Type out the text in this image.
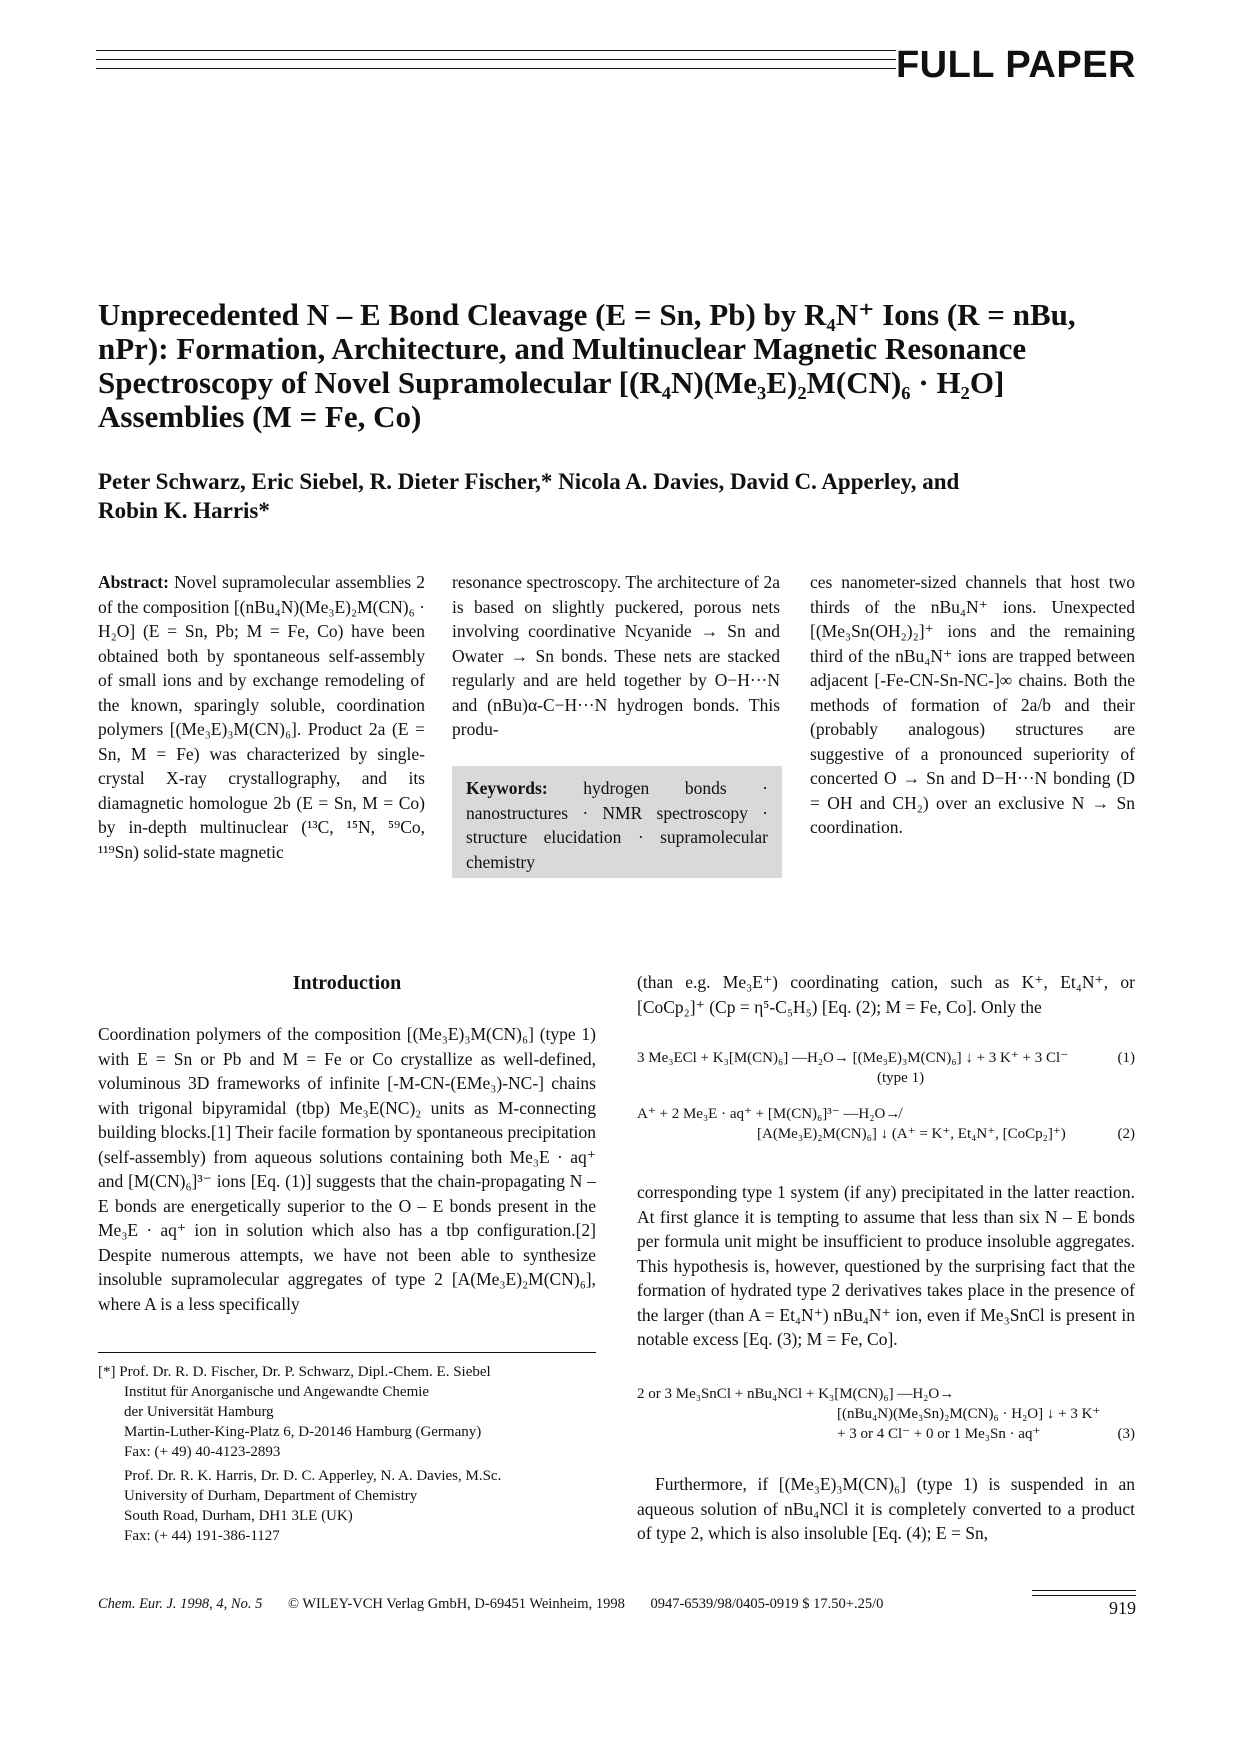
FULL PAPER
Unprecedented N – E Bond Cleavage (E = Sn, Pb) by R₄N⁺ Ions (R = nBu, nPr): Formation, Architecture, and Multinuclear Magnetic Resonance Spectroscopy of Novel Supramolecular [(R₄N)(Me₃E)₂M(CN)₆ · H₂O] Assemblies (M = Fe, Co)
Peter Schwarz, Eric Siebel, R. Dieter Fischer,* Nicola A. Davies, David C. Apperley, and Robin K. Harris*
Abstract: Novel supramolecular assemblies 2 of the composition [(nBu₄N)(Me₃E)₂M(CN)₆ · H₂O] (E = Sn, Pb; M = Fe, Co) have been obtained both by spontaneous self-assembly of small ions and by exchange remodeling of the known, sparingly soluble, coordination polymers [(Me₃E)₃M(CN)₆]. Product 2a (E = Sn, M = Fe) was characterized by single-crystal X-ray crystallography, and its diamagnetic homologue 2b (E = Sn, M = Co) by in-depth multinuclear (¹³C, ¹⁵N, ⁵⁹Co, ¹¹⁹Sn) solid-state magnetic
resonance spectroscopy. The architecture of 2a is based on slightly puckered, porous nets involving coordinative Ncyanide → Sn and Owater → Sn bonds. These nets are stacked regularly and are held together by O−H···N and (nBu)α-C−H···N hydrogen bonds. This produ-
Keywords: hydrogen bonds · nanostructures · NMR spectroscopy · structure elucidation · supramolecular chemistry
ces nanometer-sized channels that host two thirds of the nBu₄N⁺ ions. Unexpected [(Me₃Sn(OH₂)₂]⁺ ions and the remaining third of the nBu₄N⁺ ions are trapped between adjacent [-Fe-CN-Sn-NC-]∞ chains. Both the methods of formation of 2a/b and their (probably analogous) structures are suggestive of a pronounced superiority of concerted O → Sn and D−H···N bonding (D = OH and CH₂) over an exclusive N → Sn coordination.
Introduction
Coordination polymers of the composition [(Me₃E)₃M(CN)₆] (type 1) with E = Sn or Pb and M = Fe or Co crystallize as well-defined, voluminous 3D frameworks of infinite [-M-CN-(EMe₃)-NC-] chains with trigonal bipyramidal (tbp) Me₃E(NC)₂ units as M-connecting building blocks.[1] Their facile formation by spontaneous precipitation (self-assembly) from aqueous solutions containing both Me₃E · aq⁺ and [M(CN)₆]³⁻ ions [Eq. (1)] suggests that the chain-propagating N – E bonds are energetically superior to the O – E bonds present in the Me₃E · aq⁺ ion in solution which also has a tbp configuration.[2] Despite numerous attempts, we have not been able to synthesize insoluble supramolecular aggregates of type 2 [A(Me₃E)₂M(CN)₆], where A is a less specifically
(than e.g. Me₃E⁺) coordinating cation, such as K⁺, Et₄N⁺, or [CoCp₂]⁺ (Cp = η⁵-C₅H₅) [Eq. (2); M = Fe, Co]. Only the
3 Me₃ECl + K₃[M(CN)₆] —H₂O→ [(Me₃E)₃M(CN)₆] ↓ + 3 K⁺ + 3 Cl⁻
(type 1)
(1)
A⁺ + 2 Me₃E · aq⁺ + [M(CN)₆]³⁻ —H₂O↛
[A(Me₃E)₂M(CN)₆] ↓ (A⁺ = K⁺, Et₄N⁺, [CoCp₂]⁺)	(2)
corresponding type 1 system (if any) precipitated in the latter reaction. At first glance it is tempting to assume that less than six N – E bonds per formula unit might be insufficient to produce insoluble aggregates. This hypothesis is, however, questioned by the surprising fact that the formation of hydrated type 2 derivatives takes place in the presence of the larger (than A = Et₄N⁺) nBu₄N⁺ ion, even if Me₃SnCl is present in notable excess [Eq. (3); M = Fe, Co].
2 or 3 Me₃SnCl + nBu₄NCl + K₃[M(CN)₆] —H₂O→
[(nBu₄N)(Me₃Sn)₂M(CN)₆ · H₂O] ↓ + 3 K⁺
+ 3 or 4 Cl⁻ + 0 or 1 Me₃Sn · aq⁺	(3)
Furthermore, if [(Me₃E)₃M(CN)₆] (type 1) is suspended in an aqueous solution of nBu₄NCl it is completely converted to a product of type 2, which is also insoluble [Eq. (4); E = Sn,
[*] Prof. Dr. R. D. Fischer, Dr. P. Schwarz, Dipl.-Chem. E. Siebel
Institut für Anorganische und Angewandte Chemie
der Universität Hamburg
Martin-Luther-King-Platz 6, D-20146 Hamburg (Germany)
Fax: (+ 49) 40-4123-2893
Prof. Dr. R. K. Harris, Dr. D. C. Apperley, N. A. Davies, M.Sc.
University of Durham, Department of Chemistry
South Road, Durham, DH1 3LE (UK)
Fax: (+ 44) 191-386-1127
Chem. Eur. J. 1998, 4, No. 5 © WILEY-VCH Verlag GmbH, D-69451 Weinheim, 1998 0947-6539/98/0405-0919 $ 17.50+.25/0	919
